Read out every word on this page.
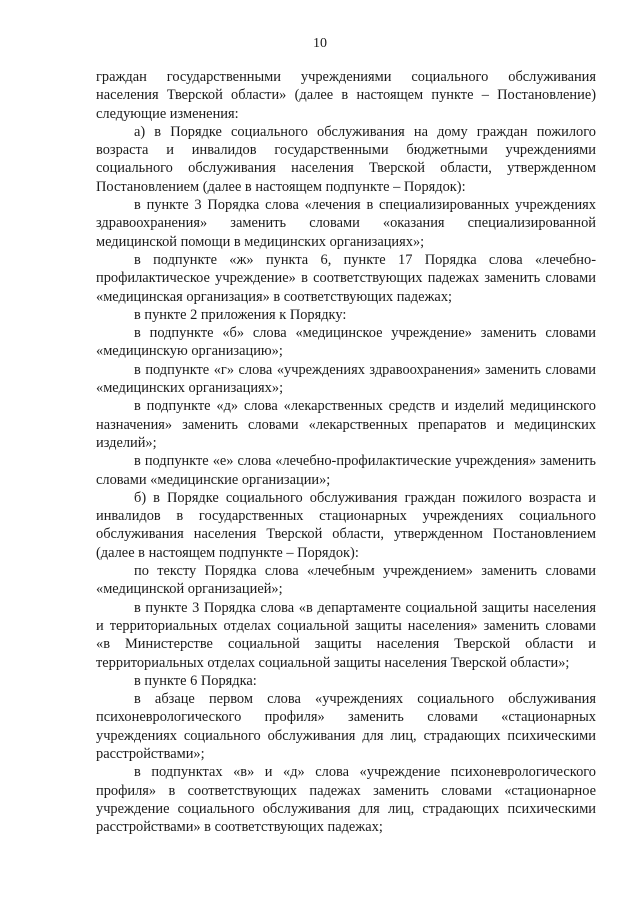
10

граждан государственными учреждениями социального обслуживания населения Тверской области» (далее в настоящем пункте – Постановление) следующие изменения:

а) в Порядке социального обслуживания на дому граждан пожилого возраста и инвалидов государственными бюджетными учреждениями социального обслуживания населения Тверской области, утвержденном Постановлением (далее в настоящем подпункте – Порядок):

в пункте 3 Порядка слова «лечения в специализированных учреждениях здравоохранения» заменить словами «оказания специализированной медицинской помощи в медицинских организациях»;

в подпункте «ж» пункта 6, пункте 17 Порядка слова «лечебно-профилактическое учреждение» в соответствующих падежах заменить словами «медицинская организация» в соответствующих падежах;

в пункте 2 приложения к Порядку:

в подпункте «б» слова «медицинское учреждение» заменить словами «медицинскую организацию»;

в подпункте «г» слова «учреждениях здравоохранения» заменить словами «медицинских организациях»;

в подпункте «д» слова «лекарственных средств и изделий медицинского назначения» заменить словами «лекарственных препаратов и медицинских изделий»;

в подпункте «е» слова «лечебно-профилактические учреждения» заменить словами «медицинские организации»;

б) в Порядке социального обслуживания граждан пожилого возраста и инвалидов в государственных стационарных учреждениях социального обслуживания населения Тверской области, утвержденном Постановлением (далее в настоящем подпункте – Порядок):

по тексту Порядка слова «лечебным учреждением» заменить словами «медицинской организацией»;

в пункте 3 Порядка слова «в департаменте социальной защиты населения и территориальных отделах социальной защиты населения» заменить словами «в Министерстве социальной защиты населения Тверской области и территориальных отделах социальной защиты населения Тверской области»;

в пункте 6 Порядка:

в абзаце первом слова «учреждениях социального обслуживания психоневрологического профиля» заменить словами «стационарных учреждениях социального обслуживания для лиц, страдающих психическими расстройствами»;

в подпунктах «в» и «д» слова «учреждение психоневрологического профиля» в соответствующих падежах заменить словами «стационарное учреждение социального обслуживания для лиц, страдающих психическими расстройствами» в соответствующих падежах;
